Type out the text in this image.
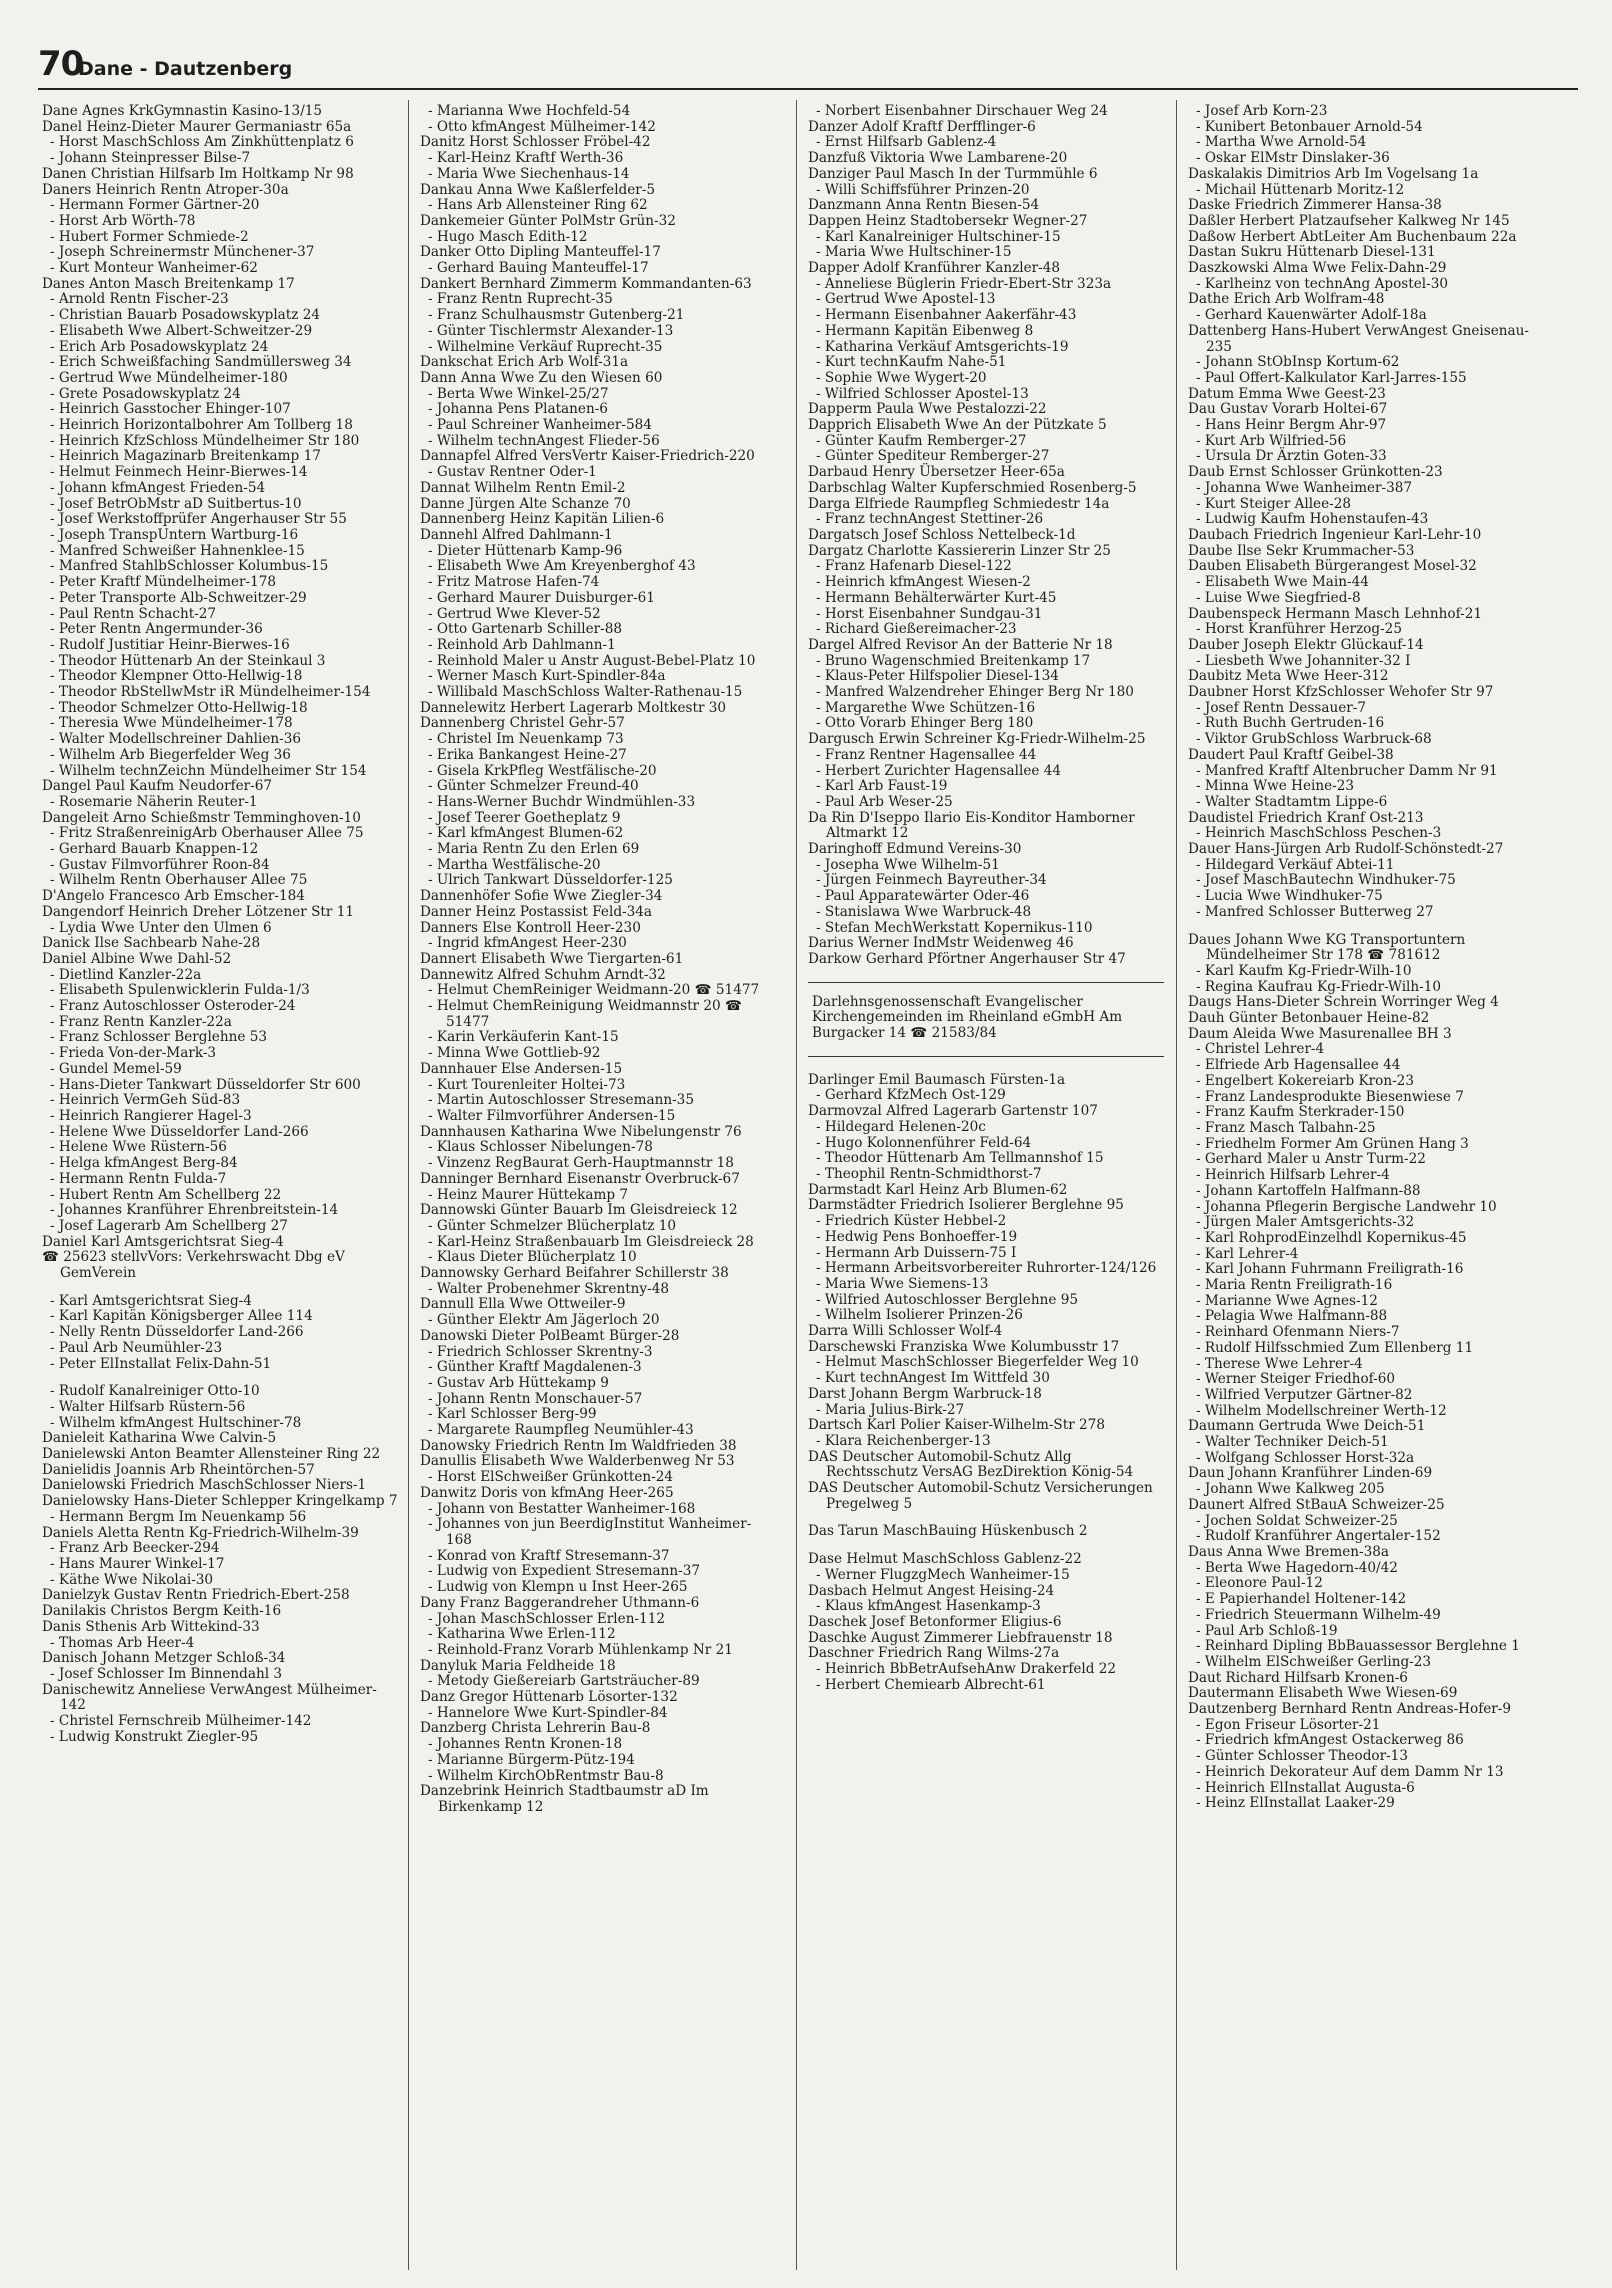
70
Dane - Dautzenberg

Dane Agnes KrkGymnastin Kasino-13/15

Danel Heinz-Dieter Maurer Germaniastr 65a

- Horst MaschSchloss Am Zinkhüttenplatz 6

- Johann Steinpresser Bilse-7

Danen Christian Hilfsarb Im Holtkamp Nr 98

Daners Heinrich Rentn Atroper-30a

- Hermann Former Gärtner-20

- Horst Arb Wörth-78

- Hubert Former Schmiede-2

- Joseph Schreinermstr Münchener-37

- Kurt Monteur Wanheimer-62

Danes Anton Masch Breitenkamp 17

- Arnold Rentn Fischer-23

- Christian Bauarb Posadowskyplatz 24

- Elisabeth Wwe Albert-Schweitzer-29

- Erich Arb Posadowskyplatz 24

- Erich Schweißfaching Sandmüllersweg 34

- Gertrud Wwe Mündelheimer-180

- Grete Posadowskyplatz 24

- Heinrich Gasstocher Ehinger-107

- Heinrich Horizontalbohrer Am Tollberg 18

- Heinrich KfzSchloss Mündelheimer Str 180

- Heinrich Magazinarb Breitenkamp 17

- Helmut Feinmech Heinr-Bierwes-14

- Johann kfmAngest Frieden-54

- Josef BetrObMstr aD Suitbertus-10

- Josef Werkstoffprüfer Angerhauser Str 55

- Joseph TranspUntern Wartburg-16

- Manfred Schweißer Hahnenklee-15

- Manfred StahlbSchlosser Kolumbus-15

- Peter Kraftf Mündelheimer-178

- Peter Transporte Alb-Schweitzer-29

- Paul Rentn Schacht-27

- Peter Rentn Angermunder-36

- Rudolf Justitiar Heinr-Bierwes-16

- Theodor Hüttenarb An der Steinkaul 3

- Theodor Klempner Otto-Hellwig-18

- Theodor RbStellwMstr iR Mündelheimer-154

- Theodor Schmelzer Otto-Hellwig-18

- Theresia Wwe Mündelheimer-178

- Walter Modellschreiner Dahlien-36

- Wilhelm Arb Biegerfelder Weg 36

- Wilhelm technZeichn Mündelheimer Str 154

Dangel Paul Kaufm Neudorfer-67

- Rosemarie Näherin Reuter-1

Dangeleit Arno Schießmstr Temminghoven-10

- Fritz StraßenreinigArb Oberhauser Allee 75

- Gerhard Bauarb Knappen-12

- Gustav Filmvorführer Roon-84

- Wilhelm Rentn Oberhauser Allee 75

D'Angelo Francesco Arb Emscher-184

Dangendorf Heinrich Dreher Lötzener Str 11

- Lydia Wwe Unter den Ulmen 6

Danick Ilse Sachbearb Nahe-28

Daniel Albine Wwe Dahl-52

- Dietlind Kanzler-22a

- Elisabeth Spulenwicklerin Fulda-1/3

- Franz Autoschlosser Osteroder-24

- Franz Rentn Kanzler-22a

- Franz Schlosser Berglehne 53

- Frieda Von-der-Mark-3

- Gundel Memel-59

- Hans-Dieter Tankwart Düsseldorfer Str 600

- Heinrich VermGeh Süd-83

- Heinrich Rangierer Hagel-3

- Helene Wwe Düsseldorfer Land-266

- Helene Wwe Rüstern-56

- Helga kfmAngest Berg-84

- Hermann Rentn Fulda-7

- Hubert Rentn Am Schellberg 22

- Johannes Kranführer Ehrenbreitstein-14

- Josef Lagerarb Am Schellberg 27

Daniel Karl Amtsgerichtsrat Sieg-4

☎ 25623 stellvVors: Verkehrswacht Dbg eV GemVerein

- Karl Amtsgerichtsrat Sieg-4

- Karl Kapitän Königsberger Allee 114

- Nelly Rentn Düsseldorfer Land-266

- Paul Arb Neumühler-23

- Peter ElInstallat Felix-Dahn-51

- Rudolf Kanalreiniger Otto-10

- Walter Hilfsarb Rüstern-56

- Wilhelm kfmAngest Hultschiner-78

Danieleit Katharina Wwe Calvin-5

Danielewski Anton Beamter Allensteiner Ring 22

Danielidis Joannis Arb Rheintörchen-57

Danielowski Friedrich MaschSchlosser Niers-1

Danielowsky Hans-Dieter Schlepper Kringelkamp 7

- Hermann Bergm Im Neuenkamp 56

Daniels Aletta Rentn Kg-Friedrich-Wilhelm-39

- Franz Arb Beecker-294

- Hans Maurer Winkel-17

- Käthe Wwe Nikolai-30

Danielzyk Gustav Rentn Friedrich-Ebert-258

Danilakis Christos Bergm Keith-16

Danis Sthenis Arb Wittekind-33

- Thomas Arb Heer-4

Danisch Johann Metzger Schloß-34

- Josef Schlosser Im Binnendahl 3

Danischewitz Anneliese VerwAngest Mülheimer-142

- Christel Fernschreib Mülheimer-142

- Ludwig Konstrukt Ziegler-95

- Marianna Wwe Hochfeld-54

- Otto kfmAngest Mülheimer-142

Danitz Horst Schlosser Fröbel-42

- Karl-Heinz Kraftf Werth-36

- Maria Wwe Siechenhaus-14

Dankau Anna Wwe Kaßlerfelder-5

- Hans Arb Allensteiner Ring 62

Dankemeier Günter PolMstr Grün-32

- Hugo Masch Edith-12

Danker Otto Dipling Manteuffel-17

- Gerhard Bauing Manteuffel-17

Dankert Bernhard Zimmerm Kommandanten-63

- Franz Rentn Ruprecht-35

- Franz Schulhausmstr Gutenberg-21

- Günter Tischlermstr Alexander-13

- Wilhelmine Verkäuf Ruprecht-35

Dankschat Erich Arb Wolf-31a

Dann Anna Wwe Zu den Wiesen 60

- Berta Wwe Winkel-25/27

- Johanna Pens Platanen-6

- Paul Schreiner Wanheimer-584

- Wilhelm technAngest Flieder-56

Dannapfel Alfred VersVertr Kaiser-Friedrich-220

- Gustav Rentner Oder-1

Dannat Wilhelm Rentn Emil-2

Danne Jürgen Alte Schanze 70

Dannenberg Heinz Kapitän Lilien-6

Dannehl Alfred Dahlmann-1

- Dieter Hüttenarb Kamp-96

- Elisabeth Wwe Am Kreyenberghof 43

- Fritz Matrose Hafen-74

- Gerhard Maurer Duisburger-61

- Gertrud Wwe Klever-52

- Otto Gartenarb Schiller-88

- Reinhold Arb Dahlmann-1

- Reinhold Maler u Anstr August-Bebel-Platz 10

- Werner Masch Kurt-Spindler-84a

- Willibald MaschSchloss Walter-Rathenau-15

Dannelewitz Herbert Lagerarb Moltkestr 30

Dannenberg Christel Gehr-57

- Christel Im Neuenkamp 73

- Erika Bankangest Heine-27

- Gisela KrkPfleg Westfälische-20

- Günter Schmelzer Freund-40

- Hans-Werner Buchdr Windmühlen-33

- Josef Teerer Goetheplatz 9

- Karl kfmAngest Blumen-62

- Maria Rentn Zu den Erlen 69

- Martha Westfälische-20

- Ulrich Tankwart Düsseldorfer-125

Dannenhöfer Sofie Wwe Ziegler-34

Danner Heinz Postassist Feld-34a

Danners Else Kontroll Heer-230

- Ingrid kfmAngest Heer-230

Dannert Elisabeth Wwe Tiergarten-61

Dannewitz Alfred Schuhm Arndt-32

- Helmut ChemReiniger Weidmann-20 ☎ 51477

- Helmut ChemReinigung Weidmannstr 20 ☎ 51477

- Karin Verkäuferin Kant-15

- Minna Wwe Gottlieb-92

Dannhauer Else Andersen-15

- Kurt Tourenleiter Holtei-73

- Martin Autoschlosser Stresemann-35

- Walter Filmvorführer Andersen-15

Dannhausen Katharina Wwe Nibelungenstr 76

- Klaus Schlosser Nibelungen-78

- Vinzenz RegBaurat Gerh-Hauptmannstr 18

Danninger Bernhard Eisenanstr Overbruck-67

- Heinz Maurer Hüttekamp 7

Dannowski Günter Bauarb Im Gleisdreieck 12

- Günter Schmelzer Blücherplatz 10

- Karl-Heinz Straßenbauarb Im Gleisdreieck 28

- Klaus Dieter Blücherplatz 10

Dannowsky Gerhard Beifahrer Schillerstr 38

- Walter Probenehmer Skrentny-48

Dannull Ella Wwe Ottweiler-9

- Günther Elektr Am Jägerloch 20

Danowski Dieter PolBeamt Bürger-28

- Friedrich Schlosser Skrentny-3

- Günther Kraftf Magdalenen-3

- Gustav Arb Hüttekamp 9

- Johann Rentn Monschauer-57

- Karl Schlosser Berg-99

- Margarete Raumpfleg Neumühler-43

Danowsky Friedrich Rentn Im Waldfrieden 38

Danullis Elisabeth Wwe Walderbenweg Nr 53

- Horst ElSchweißer Grünkotten-24

Danwitz Doris von kfmAng Heer-265

- Johann von Bestatter Wanheimer-168

- Johannes von jun BeerdigInstitut Wanheimer-168

- Konrad von Kraftf Stresemann-37

- Ludwig von Expedient Stresemann-37

- Ludwig von Klempn u Inst Heer-265

Dany Franz Baggerandreher Uthmann-6

- Johan MaschSchlosser Erlen-112

- Katharina Wwe Erlen-112

- Reinhold-Franz Vorarb Mühlenkamp Nr 21

Danyluk Maria Feldheide 18

- Metody Gießereiarb Gartsträucher-89

Danz Gregor Hüttenarb Lösorter-132

- Hannelore Wwe Kurt-Spindler-84

Danzberg Christa Lehrerin Bau-8

- Johannes Rentn Kronen-18

- Marianne Bürgerm-Pütz-194

- Wilhelm KirchObRentmstr Bau-8

Danzebrink Heinrich Stadtbaumstr aD Im Birkenkamp 12

- Norbert Eisenbahner Dirschauer Weg 24

Danzer Adolf Kraftf Derfflinger-6

- Ernst Hilfsarb Gablenz-4

Danzfuß Viktoria Wwe Lambarene-20

Danziger Paul Masch In der Turmmühle 6

- Willi Schiffsführer Prinzen-20

Danzmann Anna Rentn Biesen-54

Dappen Heinz Stadtobersekr Wegner-27

- Karl Kanalreiniger Hultschiner-15

- Maria Wwe Hultschiner-15

Dapper Adolf Kranführer Kanzler-48

- Anneliese Büglerin Friedr-Ebert-Str 323a

- Gertrud Wwe Apostel-13

- Hermann Eisenbahner Aakerfähr-43

- Hermann Kapitän Eibenweg 8

- Katharina Verkäuf Amtsgerichts-19

- Kurt technKaufm Nahe-51

- Sophie Wwe Wygert-20

- Wilfried Schlosser Apostel-13

Dapperm Paula Wwe Pestalozzi-22

Dapprich Elisabeth Wwe An der Pützkate 5

- Günter Kaufm Remberger-27

- Günter Spediteur Remberger-27

Darbaud Henry Übersetzer Heer-65a

Darbschlag Walter Kupferschmied Rosenberg-5

Darga Elfriede Raumpfleg Schmiedestr 14a

- Franz technAngest Stettiner-26

Dargatsch Josef Schloss Nettelbeck-1d

Dargatz Charlotte Kassiererin Linzer Str 25

- Franz Hafenarb Diesel-122

- Heinrich kfmAngest Wiesen-2

- Hermann Behälterwärter Kurt-45

- Horst Eisenbahner Sundgau-31

- Richard Gießereimacher-23

Dargel Alfred Revisor An der Batterie Nr 18

- Bruno Wagenschmied Breitenkamp 17

- Klaus-Peter Hilfspolier Diesel-134

- Manfred Walzendreher Ehinger Berg Nr 180

- Margarethe Wwe Schützen-16

- Otto Vorarb Ehinger Berg 180

Dargusch Erwin Schreiner Kg-Friedr-Wilhelm-25

- Franz Rentner Hagensallee 44

- Herbert Zurichter Hagensallee 44

- Karl Arb Faust-19

- Paul Arb Weser-25

Da Rin D'Iseppo Ilario Eis-Konditor Hamborner Altmarkt 12

Daringhoff Edmund Vereins-30

- Josepha Wwe Wilhelm-51

- Jürgen Feinmech Bayreuther-34

- Paul Apparatewärter Oder-46

- Stanislawa Wwe Warbruck-48

- Stefan MechWerkstatt Kopernikus-110

Darius Werner IndMstr Weidenweg 46

Darkow Gerhard Pförtner Angerhauser Str 47

Darlehnsgenossenschaft Evangelischer Kirchengemeinden im Rheinland eGmbH Am Burgacker 14 ☎ 21583/84

Darlinger Emil Baumasch Fürsten-1a

- Gerhard KfzMech Ost-129

Darmovzal Alfred Lagerarb Gartenstr 107

- Hildegard Helenen-20c

- Hugo Kolonnenführer Feld-64

- Theodor Hüttenarb Am Tellmannshof 15

- Theophil Rentn-Schmidthorst-7

Darmstadt Karl Heinz Arb Blumen-62

Darmstädter Friedrich Isolierer Berglehne 95

- Friedrich Küster Hebbel-2

- Hedwig Pens Bonhoeffer-19

- Hermann Arb Duissern-75 I

- Hermann Arbeitsvorbereiter Ruhrorter-124/126

- Maria Wwe Siemens-13

- Wilfried Autoschlosser Berglehne 95

- Wilhelm Isolierer Prinzen-26

Darra Willi Schlosser Wolf-4

Darschewski Franziska Wwe Kolumbusstr 17

- Helmut MaschSchlosser Biegerfelder Weg 10

- Kurt technAngest Im Wittfeld 30

Darst Johann Bergm Warbruck-18

- Maria Julius-Birk-27

Dartsch Karl Polier Kaiser-Wilhelm-Str 278

- Klara Reichenberger-13

DAS Deutscher Automobil-Schutz Allg Rechtsschutz VersAG BezDirektion König-54

DAS Deutscher Automobil-Schutz Versicherungen Pregelweg 5

Das Tarun MaschBauing Hüskenbusch 2

Dase Helmut MaschSchloss Gablenz-22

- Werner FlugzgMech Wanheimer-15

Dasbach Helmut Angest Heising-24

- Klaus kfmAngest Hasenkamp-3

Daschek Josef Betonformer Eligius-6

Daschke August Zimmerer Liebfrauenstr 18

Daschner Friedrich Rang Wilms-27a

- Heinrich BbBetrAufsehAnw Drakerfeld 22

- Herbert Chemiearb Albrecht-61

- Josef Arb Korn-23

- Kunibert Betonbauer Arnold-54

- Martha Wwe Arnold-54

- Oskar ElMstr Dinslaker-36

Daskalakis Dimitrios Arb Im Vogelsang 1a

- Michail Hüttenarb Moritz-12

Daske Friedrich Zimmerer Hansa-38

Daßler Herbert Platzaufseher Kalkweg Nr 145

Daßow Herbert AbtLeiter Am Buchenbaum 22a

Dastan Sukru Hüttenarb Diesel-131

Daszkowski Alma Wwe Felix-Dahn-29

- Karlheinz von technAng Apostel-30

Dathe Erich Arb Wolfram-48

- Gerhard Kauenwärter Adolf-18a

Dattenberg Hans-Hubert VerwAngest Gneisenau-235

- Johann StObInsp Kortum-62

- Paul Offert-Kalkulator Karl-Jarres-155

Datum Emma Wwe Geest-23

Dau Gustav Vorarb Holtei-67

- Hans Heinr Bergm Ahr-97

- Kurt Arb Wilfried-56

- Ursula Dr Ärztin Goten-33

Daub Ernst Schlosser Grünkotten-23

- Johanna Wwe Wanheimer-387

- Kurt Steiger Allee-28

- Ludwig Kaufm Hohenstaufen-43

Daubach Friedrich Ingenieur Karl-Lehr-10

Daube Ilse Sekr Krummacher-53

Dauben Elisabeth Bürgerangest Mosel-32

- Elisabeth Wwe Main-44

- Luise Wwe Siegfried-8

Daubenspeck Hermann Masch Lehnhof-21

- Horst Kranführer Herzog-25

Dauber Joseph Elektr Glückauf-14

- Liesbeth Wwe Johanniter-32 I

Daubitz Meta Wwe Heer-312

Daubner Horst KfzSchlosser Wehofer Str 97

- Josef Rentn Dessauer-7

- Ruth Buchh Gertruden-16

- Viktor GrubSchloss Warbruck-68

Daudert Paul Kraftf Geibel-38

- Manfred Kraftf Altenbrucher Damm Nr 91

- Minna Wwe Heine-23

- Walter Stadtamtm Lippe-6

Daudistel Friedrich Kranf Ost-213

- Heinrich MaschSchloss Peschen-3

Dauer Hans-Jürgen Arb Rudolf-Schönstedt-27

- Hildegard Verkäuf Abtei-11

- Josef MaschBautechn Windhuker-75

- Lucia Wwe Windhuker-75

- Manfred Schlosser Butterweg 27

Daues Johann Wwe KG Transportuntern Mündelheimer Str 178 ☎ 781612

- Karl Kaufm Kg-Friedr-Wilh-10

- Regina Kaufrau Kg-Friedr-Wilh-10

Daugs Hans-Dieter Schrein Worringer Weg 4

Dauh Günter Betonbauer Heine-82

Daum Aleida Wwe Masurenallee BH 3

- Christel Lehrer-4

- Elfriede Arb Hagensallee 44

- Engelbert Kokereiarb Kron-23

- Franz Landesprodukte Biesenwiese 7

- Franz Kaufm Sterkrader-150

- Franz Masch Talbahn-25

- Friedhelm Former Am Grünen Hang 3

- Gerhard Maler u Anstr Turm-22

- Heinrich Hilfsarb Lehrer-4

- Johann Kartoffeln Halfmann-88

- Johanna Pflegerin Bergische Landwehr 10

- Jürgen Maler Amtsgerichts-32

- Karl RohprodEinzelhdl Kopernikus-45

- Karl Lehrer-4

- Karl Johann Fuhrmann Freiligrath-16

- Maria Rentn Freiligrath-16

- Marianne Wwe Agnes-12

- Pelagia Wwe Halfmann-88

- Reinhard Ofenmann Niers-7

- Rudolf Hilfsschmied Zum Ellenberg 11

- Therese Wwe Lehrer-4

- Werner Steiger Friedhof-60

- Wilfried Verputzer Gärtner-82

- Wilhelm Modellschreiner Werth-12

Daumann Gertruda Wwe Deich-51

- Walter Techniker Deich-51

- Wolfgang Schlosser Horst-32a

Daun Johann Kranführer Linden-69

- Johann Wwe Kalkweg 205

Daunert Alfred StBauA Schweizer-25

- Jochen Soldat Schweizer-25

- Rudolf Kranführer Angertaler-152

Daus Anna Wwe Bremen-38a

- Berta Wwe Hagedorn-40/42

- Eleonore Paul-12

- E Papierhandel Holtener-142

- Friedrich Steuermann Wilhelm-49

- Paul Arb Schloß-19

- Reinhard Dipling BbBauassessor Berglehne 1

- Wilhelm ElSchweißer Gerling-23

Daut Richard Hilfsarb Kronen-6

Dautermann Elisabeth Wwe Wiesen-69

Dautzenberg Bernhard Rentn Andreas-Hofer-9

- Egon Friseur Lösorter-21

- Friedrich kfmAngest Ostackerweg 86

- Günter Schlosser Theodor-13

- Heinrich Dekorateur Auf dem Damm Nr 13

- Heinrich ElInstallat Augusta-6

- Heinz ElInstallat Laaker-29
